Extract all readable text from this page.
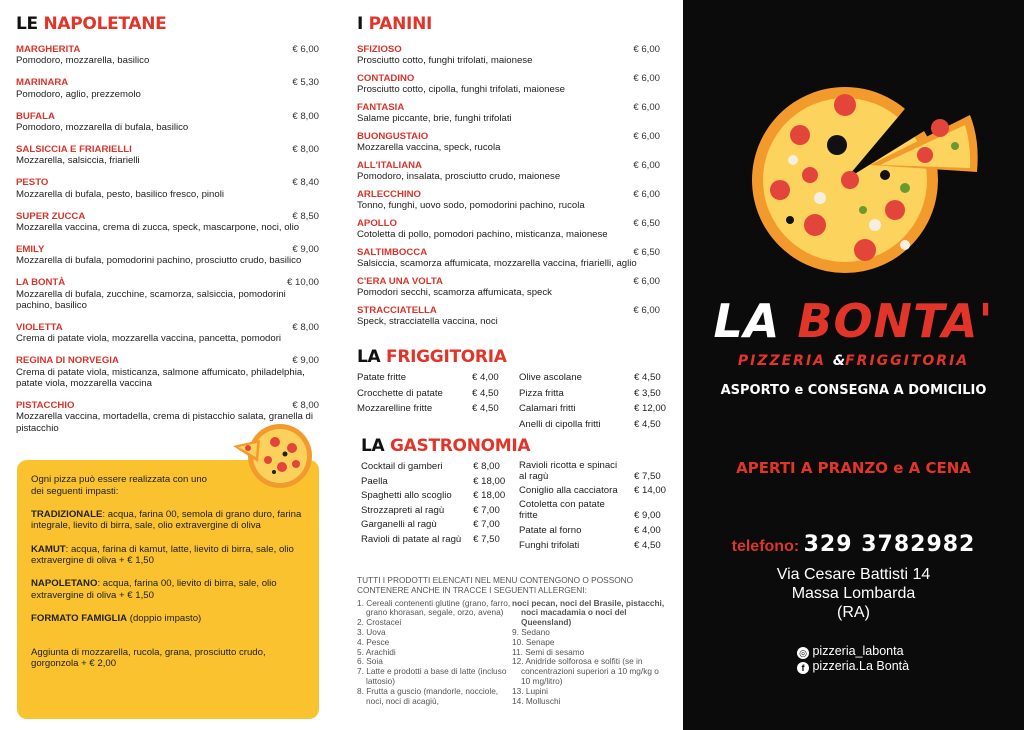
LE NAPOLETANE
MARGHERITA	€ 6,00
Pomodoro, mozzarella, basilico
MARINARA	€ 5,30
Pomodoro, aglio, prezzemolo
BUFALA	€ 8,00
Pomodoro, mozzarella di bufala, basilico
SALSICCIA E FRIARIELLI	€ 8,00
Mozzarella, salsiccia, friarielli
PESTO	€ 8,40
Mozzarella di bufala, pesto, basilico fresco, pinoli
SUPER ZUCCA	€ 8,50
Mozzarella vaccina, crema di zucca, speck, mascarpone, noci, olio
EMILY	€ 9,00
Mozzarella di bufala, pomodorini pachino, prosciutto crudo, basilico
LA BONTÀ	€ 10,00
Mozzarella di bufala, zucchine, scamorza, salsiccia, pomodorini pachino, basilico
VIOLETTA	€ 8,00
Crema di patate viola, mozzarella vaccina, pancetta, pomodori
REGINA DI NORVEGIA	€ 9,00
Crema di patate viola, misticanza, salmone affumicato, philadelphia, patate viola, mozzarella vaccina
PISTACCHIO	€ 8,00
Mozzarella vaccina, mortadella, crema di pistacchio salata, granella di pistacchio
I PANINI
SFIZIOSO	€ 6,00
Prosciutto cotto, funghi trifolati, maionese
CONTADINO	€ 6,00
Prosciutto cotto, cipolla, funghi trifolati, maionese
FANTASIA	€ 6,00
Salame piccante, brie, funghi trifolati
BUONGUSTAIO	€ 6,00
Mozzarella vaccina, speck, rucola
ALL'ITALIANA	€ 6,00
Pomodoro, insalata, prosciutto crudo, maionese
ARLECCHINO	€ 6,00
Tonno, funghi, uovo sodo, pomodorini pachino, rucola
APOLLO	€ 6,50
Cotoletta di pollo, pomodori pachino, misticanza, maionese
SALTIMBOCCA	€ 6,50
Salsiccia, scamorza affumicata, mozzarella vaccina, friarielli, aglio
C'ERA UNA VOLTA	€ 6,00
Pomodori secchi, scamorza affumicata, speck
STRACCIATELLA	€ 6,00
Speck, stracciatella vaccina, noci
LA FRIGGITORIA
Patate fritte	€ 4,00
Crocchette di patate	€ 4,50
Mozzarelline fritte	€ 4,50
Olive ascolane	€ 4,50
Pizza fritta	€ 3,50
Calamari fritti	€ 12,00
Anelli di cipolla fritti	€ 4,50
LA GASTRONOMIA
Cocktail di gamberi	€ 8,00
Paella	€ 18,00
Spaghetti allo scoglio	€ 18,00
Strozzapreti al ragù	€ 7,00
Garganelli al ragù	€ 7,00
Ravioli di patate al ragù	€ 7,50
Ravioli ricotta e spinaci al ragù	€ 7,50
Coniglio alla cacciatora	€ 14,00
Cotoletta con patate fritte	€ 9,00
Patate al forno	€ 4,00
Funghi trifolati	€ 4,50
TUTTI I PRODOTTI ELENCATI NEL MENU CONTENGONO O POSSONO CONTENERE ANCHE IN TRACCE I SEGUENTI ALLERGENI:
1. Cereali contenenti glutine (grano, farro, grano khorasan, segale, orzo, avena)
2. Crostacei
3. Uova
4. Pesce
5. Arachidi
6. Soia
7. Latte e prodotti a base di latte (incluso lattosio)
8. Frutta a guscio (mandorle, nocciole, noci, noci di acagiù,
noci pecan, noci del Brasile, pistacchi, noci macadamia o noci del Queensland)
9. Sedano
10. Senape
11. Semi di sesamo
12. Anidride solforosa e solfiti (se in concentrazioni superiori a 10 mg/kg o 10 mg/litro)
13. Lupini
14. Molluschi

Ogni pizza può essere realizzata con uno dei seguenti impasti:

TRADIZIONALE: acqua, farina 00, semola di grano duro, farina integrale, lievito di birra, sale, olio extravergine di oliva

KAMUT: acqua, farina di kamut, latte, lievito di birra, sale, olio extravergine di oliva + € 1,50

NAPOLETANO: acqua, farina 00, lievito di birra, sale, olio extravergine di oliva + € 1,50

FORMATO FAMIGLIA (doppio impasto)

Aggiunta di mozzarella, rucola, grana, prosciutto crudo, gorgonzola + € 2,00

LA BONTA'
PIZZERIA &FRIGGITORIA
ASPORTO e CONSEGNA A DOMICILIO
APERTI A PRANZO e A CENA
telefono: 329 3782982
Via Cesare Battisti 14
Massa Lombarda
(RA)
◎ pizzeria_labonta
f pizzeria.La Bontà
